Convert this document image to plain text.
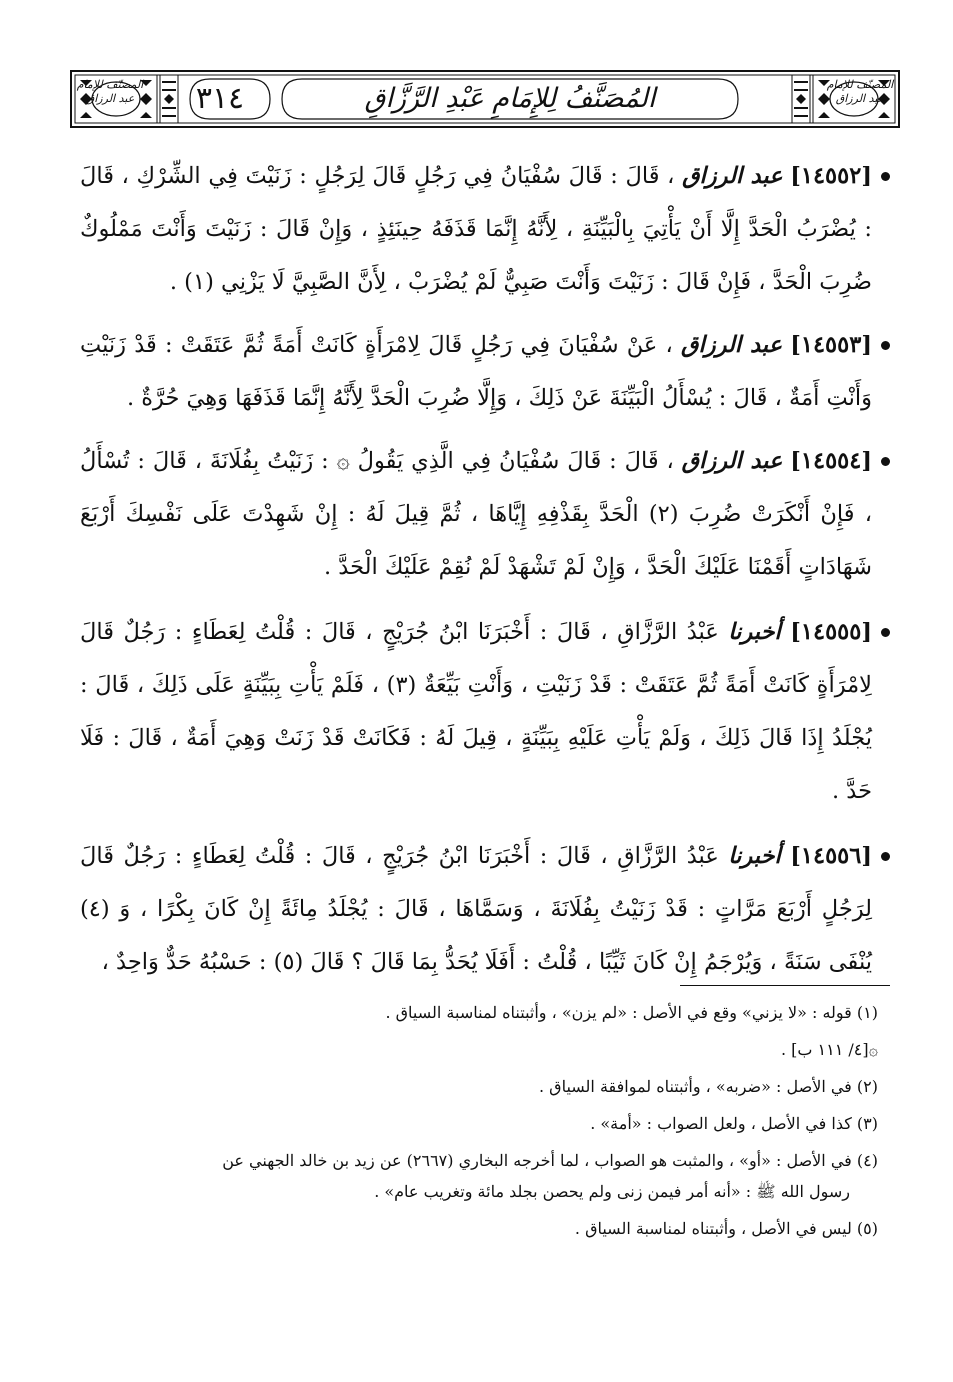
المصنّف للإمام عبد الرزاق
المصنّف للإمام عبد الرزاق
٣١٤	المُصَنَّفُ لِلإِمَامِ عَبْدِ الرَّزَّاقِ

[١٤٥٥٢] عبد الرزاق ، قَالَ : قَالَ سُفْيَانُ فِي رَجُلٍ قَالَ لِرَجُلٍ : زَنَيْتَ فِي الشِّرْكِ ، قَالَ : يُضْرَبُ الْحَدَّ إِلَّا أَنْ يَأْتِيَ بِالْبَيِّنَةِ ، لِأَنَّهُ إِنَّمَا قَذَفَهُ حِينَئِذٍ ، وَإِنْ قَالَ : زَنَيْتَ وَأَنْتَ مَمْلُوكٌ ضُرِبَ الْحَدَّ ، فَإِنْ قَالَ : زَنَيْتَ وَأَنْتَ صَبِيٌّ لَمْ يُضْرَبْ ، لِأَنَّ الصَّبِيَّ لَا يَزْنِي (١) .

[١٤٥٥٣] عبد الرزاق ، عَنْ سُفْيَانَ فِي رَجُلٍ قَالَ لِامْرَأَةٍ كَانَتْ أَمَةً ثُمَّ عَتَقَتْ : قَدْ زَنَيْتِ وَأَنْتِ أَمَةٌ ، قَالَ : يُسْأَلُ الْبَيِّنَةَ عَنْ ذَلِكَ ، وَإِلَّا ضُرِبَ الْحَدَّ لِأَنَّهُ إِنَّمَا قَذَفَهَا وَهِيَ حُرَّةٌ .

[١٤٥٥٤] عبد الرزاق ، قَالَ : قَالَ سُفْيَانُ فِي الَّذِي يَقُولُ ۞ : زَنَيْتُ بِفُلَانَةَ ، قَالَ : تُسْأَلُ ، فَإِنْ أَنْكَرَتْ ضُرِبَ (٢) الْحَدَّ بِقَذْفِهِ إِيَّاهَا ، ثُمَّ قِيلَ لَهُ : إِنْ شَهِدْتَ عَلَى نَفْسِكَ أَرْبَعَ شَهَادَاتٍ أَقَمْنَا عَلَيْكَ الْحَدَّ ، وَإِنْ لَمْ تَشْهَدْ لَمْ نُقِمْ عَلَيْكَ الْحَدَّ .

[١٤٥٥٥] أخبرنا عَبْدُ الرَّزَّاقِ ، قَالَ : أَخْبَرَنَا ابْنُ جُرَيْجٍ ، قَالَ : قُلْتُ لِعَطَاءٍ : رَجُلٌ قَالَ لِامْرَأَةٍ كَانَتْ أَمَةً ثُمَّ عَتَقَتْ : قَدْ زَنَيْتِ ، وَأَنْتِ بَيِّعَةٌ (٣) ، فَلَمْ يَأْتِ بِبَيِّنَةٍ عَلَى ذَلِكَ ، قَالَ : يُجْلَدُ إِذَا قَالَ ذَلِكَ ، وَلَمْ يَأْتِ عَلَيْهِ بِبَيِّنَةٍ ، قِيلَ لَهُ : فَكَانَتْ قَدْ زَنَتْ وَهِيَ أَمَةٌ ، قَالَ : فَلَا حَدَّ .

[١٤٥٥٦] أخبرنا عَبْدُ الرَّزَّاقِ ، قَالَ : أَخْبَرَنَا ابْنُ جُرَيْجٍ ، قَالَ : قُلْتُ لِعَطَاءٍ : رَجُلٌ قَالَ لِرَجُلٍ أَرْبَعَ مَرَّاتٍ : قَدْ زَنَيْتُ بِفُلَانَةَ ، وَسَمَّاهَا ، قَالَ : يُجْلَدُ مِائَةً إِنْ كَانَ بِكْرًا ، وَ (٤) يُنْفَى سَنَةً ، وَيُرْجَمُ إِنْ كَانَ ثَيِّبًا ، قُلْتُ : أَفَلَا يُحَدُّ بِمَا قَالَ ؟ قَالَ (٥) : حَسْبُهُ حَدٌّ وَاحِدٌ ،

(١) قوله : «لا يزني» وقع في الأصل : «لم يزن» ، وأثبتناه لمناسبة السياق .

۞[٤/ ١١١ ب] .

(٢) في الأصل : «ضربه» ، وأثبتناه لموافقة السياق .

(٣) كذا في الأصل ، ولعل الصواب : «أمة» .

(٤) في الأصل : «أو» ، والمثبت هو الصواب ، لما أخرجه البخاري (٢٦٦٧) عن زيد بن خالد الجهني عن

رسول الله ﷺ : «أنه أمر فيمن زنى ولم يحصن بجلد مائة وتغريب عام» .

(٥) ليس في الأصل ، وأثبتناه لمناسبة السياق .
